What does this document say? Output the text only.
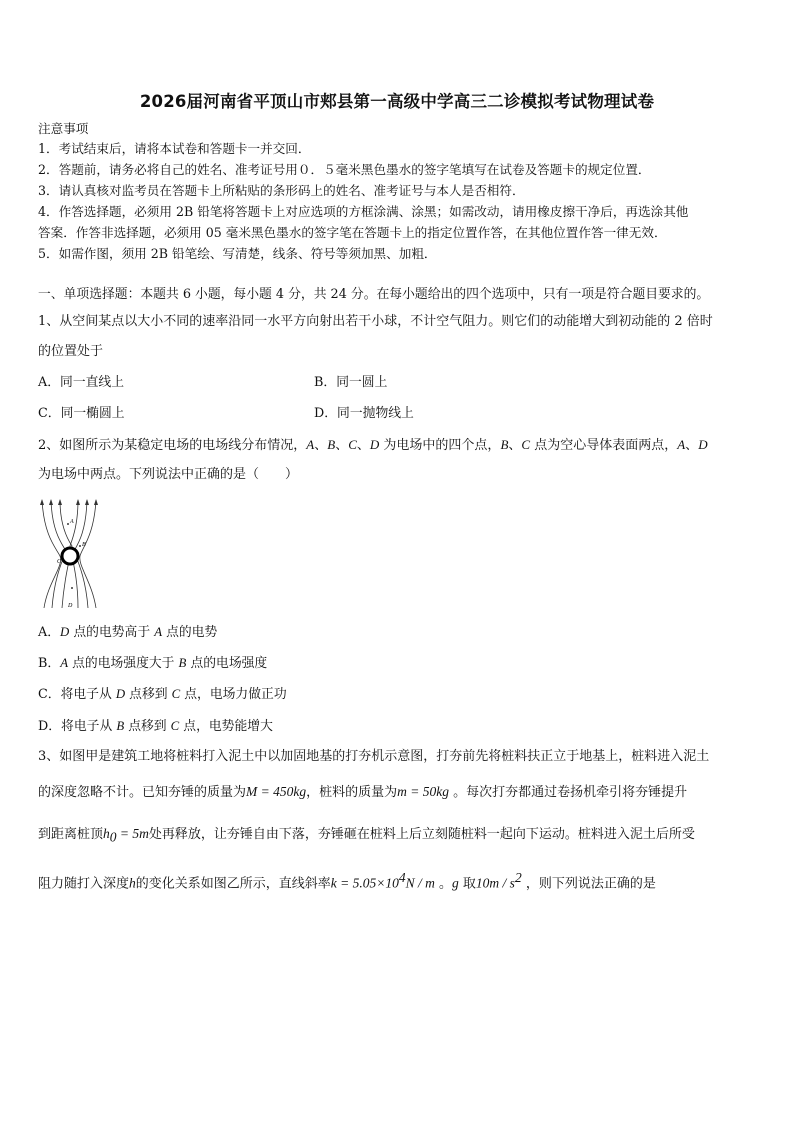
2026届河南省平顶山市郏县第一高级中学高三二诊模拟考试物理试卷
注意事项
1．考试结束后，请将本试卷和答题卡一并交回．
2．答题前，请务必将自己的姓名、准考证号用０．５毫米黑色墨水的签字笔填写在试卷及答题卡的规定位置．
3．请认真核对监考员在答题卡上所粘贴的条形码上的姓名、准考证号与本人是否相符．
4．作答选择题，必须用 2B 铅笔将答题卡上对应选项的方框涂满、涂黑；如需改动，请用橡皮擦干净后，再选涂其他
答案．作答非选择题，必须用 05 毫米黑色墨水的签字笔在答题卡上的指定位置作答，在其他位置作答一律无效．
5．如需作图，须用 2B 铅笔绘、写清楚，线条、符号等须加黑、加粗．
一、单项选择题：本题共 6 小题，每小题 4 分，共 24 分。在每小题给出的四个选项中，只有一项是符合题目要求的。
1、从空间某点以大小不同的速率沿同一水平方向射出若干小球，不计空气阻力。则它们的动能增大到初动能的 2 倍时
的位置处于
A．同一直线上	B．同一圆上
C．同一椭圆上	D．同一抛物线上
2、如图所示为某稳定电场的电场线分布情况，A、B、C、D 为电场中的四个点，B、C 点为空心导体表面两点，A、D
为电场中两点。下列说法中正确的是（　　）
A
B
C
D
A．D 点的电势高于 A 点的电势
B．A 点的电场强度大于 B 点的电场强度
C．将电子从 D 点移到 C 点，电场力做正功
D．将电子从 B 点移到 C 点，电势能增大
3、如图甲是建筑工地将桩料打入泥土中以加固地基的打夯机示意图，打夯前先将桩料扶正立于地基上，桩料进入泥土
的深度忽略不计。已知夯锤的质量为M = 450kg，桩料的质量为m = 50kg 。每次打夯都通过卷扬机牵引将夯锤提升
到距离桩顶$h_0 = 5m$处再释放，让夯锤自由下落，夯锤砸在桩料上后立刻随桩料一起向下运动。桩料进入泥土后所受
阻力随打入深度h的变化关系如图乙所示，直线斜率$k = 5.05\times 10^4N / m$ 。g 取$10m / s^2$ ，则下列说法正确的是
